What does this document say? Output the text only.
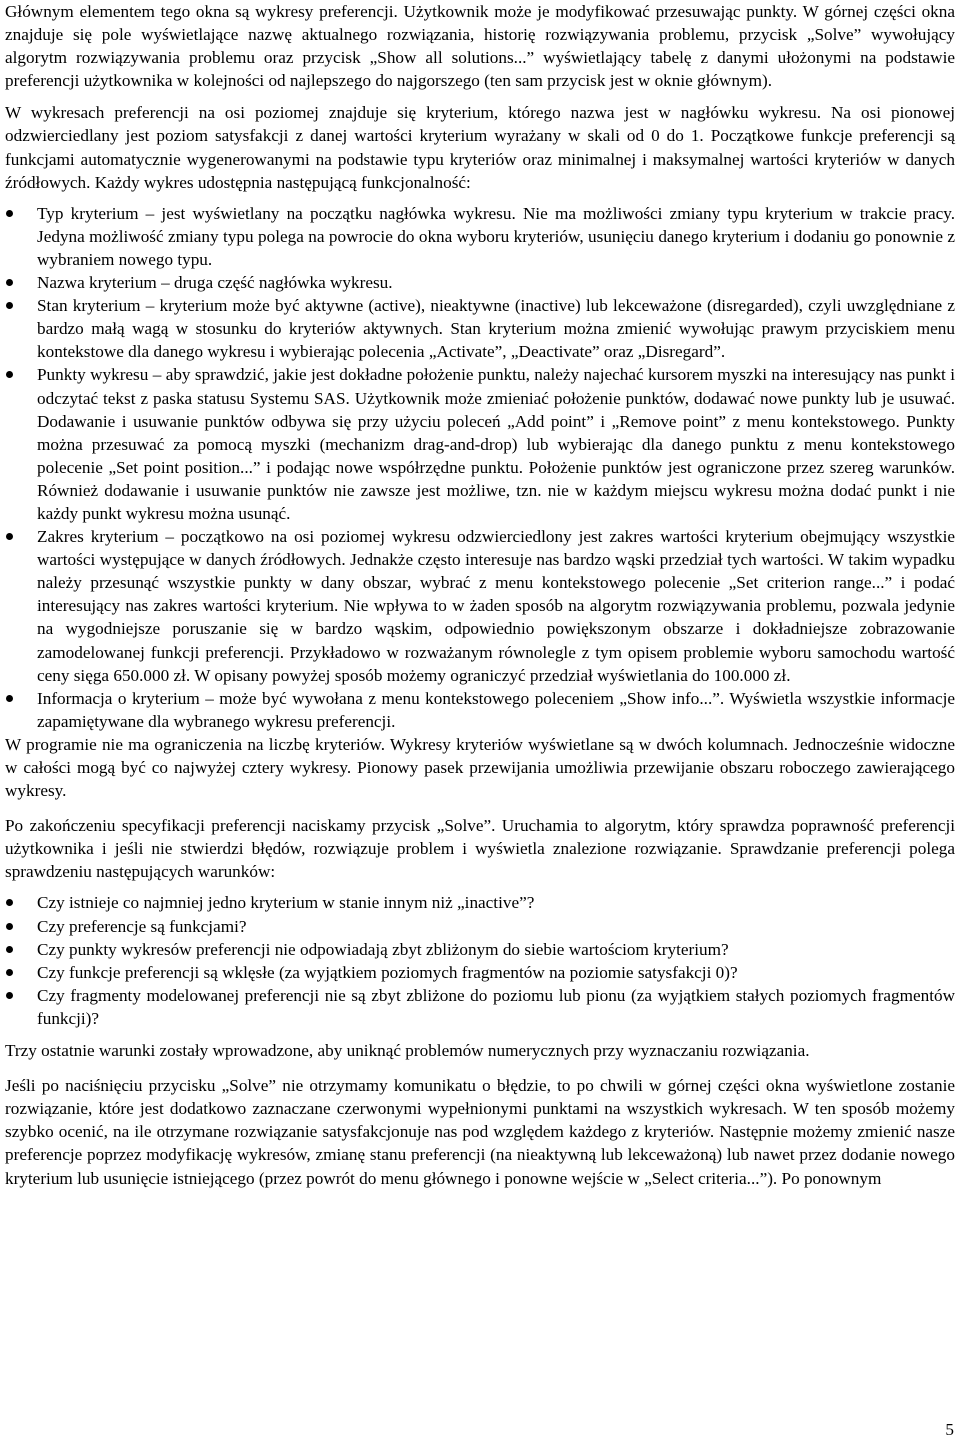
Głównym elementem tego okna są wykresy preferencji. Użytkownik może je modyfikować przesuwając punkty. W górnej części okna znajduje się pole wyświetlające nazwę aktualnego rozwiązania, historię rozwiązywania problemu, przycisk „Solve” wywołujący algorytm rozwiązywania problemu oraz przycisk „Show all solutions...” wyświetlający tabelę z danymi ułożonymi na podstawie preferencji użytkownika w kolejności od najlepszego do najgorszego (ten sam przycisk jest w oknie głównym).

W wykresach preferencji na osi poziomej znajduje się kryterium, którego nazwa jest w nagłówku wykresu. Na osi pionowej odzwierciedlany jest poziom satysfakcji z danej wartości kryterium wyrażany w skali od 0 do 1. Początkowe funkcje preferencji są funkcjami automatycznie wygenerowanymi na podstawie typu kryteriów oraz minimalnej i maksymalnej wartości kryteriów w danych źródłowych. Każdy wykres udostępnia następującą funkcjonalność:

Typ kryterium – jest wyświetlany na początku nagłówka wykresu. Nie ma możliwości zmiany typu kryterium w trakcie pracy. Jedyna możliwość zmiany typu polega na powrocie do okna wyboru kryteriów, usunięciu danego kryterium i dodaniu go ponownie z wybraniem nowego typu.
Nazwa kryterium – druga część nagłówka wykresu.
Stan kryterium – kryterium może być aktywne (active), nieaktywne (inactive) lub lekceważone (disregarded), czyli uwzględniane z bardzo małą wagą w stosunku do kryteriów aktywnych. Stan kryterium można zmienić wywołując prawym przyciskiem menu kontekstowe dla danego wykresu i wybierając polecenia „Activate”, „Deactivate” oraz „Disregard”.
Punkty wykresu – aby sprawdzić, jakie jest dokładne położenie punktu, należy najechać kursorem myszki na interesujący nas punkt i odczytać tekst z paska statusu Systemu SAS. Użytkownik może zmieniać położenie punktów, dodawać nowe punkty lub je usuwać. Dodawanie i usuwanie punktów odbywa się przy użyciu poleceń „Add point” i „Remove point” z menu kontekstowego. Punkty można przesuwać za pomocą myszki (mechanizm drag-and-drop) lub wybierając dla danego punktu z menu kontekstowego polecenie „Set point position...” i podając nowe współrzędne punktu. Położenie punktów jest ograniczone przez szereg warunków. Również dodawanie i usuwanie punktów nie zawsze jest możliwe, tzn. nie w każdym miejscu wykresu można dodać punkt i nie każdy punkt wykresu można usunąć.
Zakres kryterium – początkowo na osi poziomej wykresu odzwierciedlony jest zakres wartości kryterium obejmujący wszystkie wartości występujące w danych źródłowych. Jednakże często interesuje nas bardzo wąski przedział tych wartości. W takim wypadku należy przesunąć wszystkie punkty w dany obszar, wybrać z menu kontekstowego polecenie „Set criterion range...” i podać interesujący nas zakres wartości kryterium. Nie wpływa to w żaden sposób na algorytm rozwiązywania problemu, pozwala jedynie na wygodniejsze poruszanie się w bardzo wąskim, odpowiednio powiększonym obszarze i dokładniejsze zobrazowanie zamodelowanej funkcji preferencji. Przykładowo w rozważanym równolegle z tym opisem problemie wyboru samochodu wartość ceny sięga 650.000 zł. W opisany powyżej sposób możemy ograniczyć przedział wyświetlania do 100.000 zł.
Informacja o kryterium – może być wywołana z menu kontekstowego poleceniem „Show info...”. Wyświetla wszystkie informacje zapamiętywane dla wybranego wykresu preferencji.

W programie nie ma ograniczenia na liczbę kryteriów. Wykresy kryteriów wyświetlane są w dwóch kolumnach. Jednocześnie widoczne w całości mogą być co najwyżej cztery wykresy. Pionowy pasek przewijania umożliwia przewijanie obszaru roboczego zawierającego wykresy.

Po zakończeniu specyfikacji preferencji naciskamy przycisk „Solve”. Uruchamia to algorytm, który sprawdza poprawność preferencji użytkownika i jeśli nie stwierdzi błędów, rozwiązuje problem i wyświetla znalezione rozwiązanie. Sprawdzanie preferencji polega sprawdzeniu następujących warunków:

Czy istnieje co najmniej jedno kryterium w stanie innym niż „inactive”?
Czy preferencje są funkcjami?
Czy punkty wykresów preferencji nie odpowiadają zbyt zbliżonym do siebie wartościom kryterium?
Czy funkcje preferencji są wklęsłe (za wyjątkiem poziomych fragmentów na poziomie satysfakcji 0)?
Czy fragmenty modelowanej preferencji nie są zbyt zbliżone do poziomu lub pionu (za wyjątkiem stałych poziomych fragmentów funkcji)?

Trzy ostatnie warunki zostały wprowadzone, aby uniknąć problemów numerycznych przy wyznaczaniu rozwiązania.

Jeśli po naciśnięciu przycisku „Solve” nie otrzymamy komunikatu o błędzie, to po chwili w górnej części okna wyświetlone zostanie rozwiązanie, które jest dodatkowo zaznaczane czerwonymi wypełnionymi punktami na wszystkich wykresach. W ten sposób możemy szybko ocenić, na ile otrzymane rozwiązanie satysfakcjonuje nas pod względem każdego z kryteriów. Następnie możemy zmienić nasze preferencje poprzez modyfikację wykresów, zmianę stanu preferencji (na nieaktywną lub lekceważoną) lub nawet przez dodanie nowego kryterium lub usunięcie istniejącego (przez powrót do menu głównego i ponowne wejście w „Select criteria...”). Po ponownym

5
